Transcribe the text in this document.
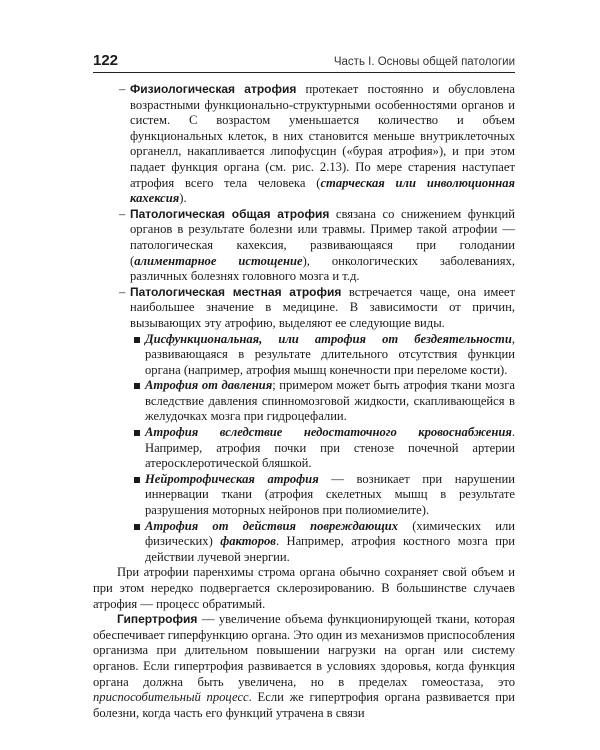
122	Часть I. Основы общей патологии

– Физиологическая атрофия протекает постоянно и обусловлена возрастными функционально-структурными особенностями органов и систем. С возрастом уменьшается количество и объем функциональных клеток, в них становится меньше внутриклеточных органелл, накапливается липофусцин («бурая атрофия»), и при этом падает функция органа (см. рис. 2.13). По мере старения наступает атрофия всего тела человека (старческая или инволюционная кахексия).

– Патологическая общая атрофия связана со снижением функций органов в результате болезни или травмы. Пример такой атрофии — патологическая кахексия, развивающаяся при голодании (алиментарное истощение), онкологических заболеваниях, различных болезнях головного мозга и т.д.

– Патологическая местная атрофия встречается чаще, она имеет наибольшее значение в медицине. В зависимости от причин, вызывающих эту атрофию, выделяют ее следующие виды.

Дисфункциональная, или атрофия от бездеятельности, развивающаяся в результате длительного отсутствия функции органа (например, атрофия мышц конечности при переломе кости).

Атрофия от давления; примером может быть атрофия ткани мозга вследствие давления спинномозговой жидкости, скапливающейся в желудочках мозга при гидроцефалии.

Атрофия вследствие недостаточного кровоснабжения. Например, атрофия почки при стенозе почечной артерии атеросклеротической бляшкой.

Нейротрофическая атрофия — возникает при нарушении иннервации ткани (атрофия скелетных мышц в результате разрушения моторных нейронов при полиомиелите).

Атрофия от действия повреждающих (химических или физических) факторов. Например, атрофия костного мозга при действии лучевой энергии.

При атрофии паренхимы строма органа обычно сохраняет свой объем и при этом нередко подвергается склерозированию. В большинстве случаев атрофия — процесс обратимый.

Гипертрофия — увеличение объема функционирующей ткани, которая обеспечивает гиперфункцию органа. Это один из механизмов приспособления организма при длительном повышении нагрузки на орган или систему органов. Если гипертрофия развивается в условиях здоровья, когда функция органа должна быть увеличена, но в пределах гомеостаза, это приспособительный процесс. Если же гипертрофия органа развивается при болезни, когда часть его функций утрачена в связи
